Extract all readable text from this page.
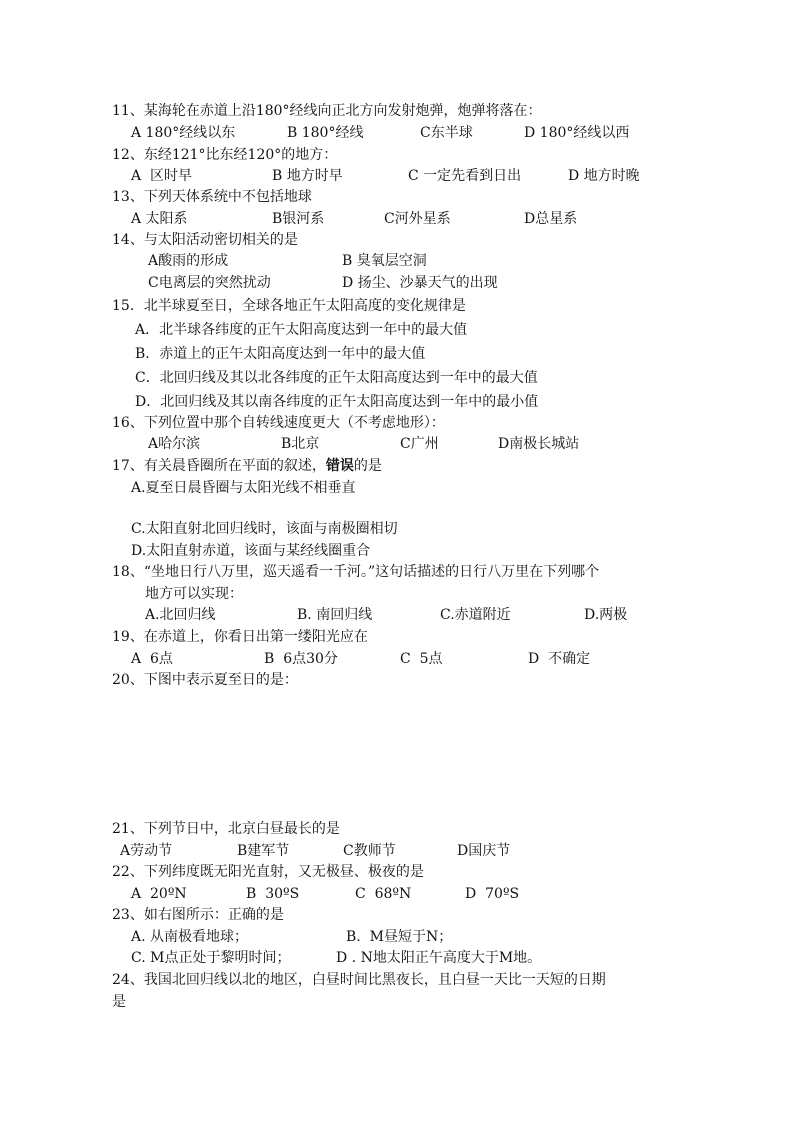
11、某海轮在赤道上沿180°经线向正北方向发射炮弹，炮弹将落在：
A 180°经线以东	B 180°经线	C东半球	D 180°经线以西
12、东经121°比东经120°的地方：
A  区时早	B 地方时早	C 一定先看到日出	D 地方时晚
13、下列天体系统中不包括地球
A 太阳系	B银河系	C河外星系	D总星系
14、与太阳活动密切相关的是
A酸雨的形成	B 臭氧层空洞
C电离层的突然扰动	D 扬尘、沙暴天气的出现
15．北半球夏至日，全球各地正午太阳高度的变化规律是
A．北半球各纬度的正午太阳高度达到一年中的最大值
B．赤道上的正午太阳高度达到一年中的最大值
C．北回归线及其以北各纬度的正午太阳高度达到一年中的最大值
D．北回归线及其以南各纬度的正午太阳高度达到一年中的最小值
16、下列位置中那个自转线速度更大（不考虑地形）：
A哈尔滨	B北京	C广州	D南极长城站
17、有关晨昏圈所在平面的叙述，错误的是
A.夏至日晨昏圈与太阳光线不相垂直
C.太阳直射北回归线时，该面与南极圈相切
D.太阳直射赤道，该面与某经线圈重合
18、“坐地日行八万里，巡天遥看一千河。”这句话描述的日行八万里在下列哪个
地方可以实现：
A.北回归线	B. 南回归线	C.赤道附近	D.两极
19、在赤道上，你看日出第一缕阳光应在
A  6点	B  6点30分	C  5点	D  不确定
20、下图中表示夏至日的是：
21、下列节日中，北京白昼最长的是
A劳动节	B建军节	C教师节	D国庆节
22、下列纬度既无阳光直射，又无极昼、极夜的是
A  20ºN	B  30ºS	C  68ºN	D  70ºS
23、如右图所示：正确的是
A. 从南极看地球；	B.  M昼短于N；
C. M点正处于黎明时间；	D . N地太阳正午高度大于M地。
24、我国北回归线以北的地区，白昼时间比黑夜长，且白昼一天比一天短的日期
是
